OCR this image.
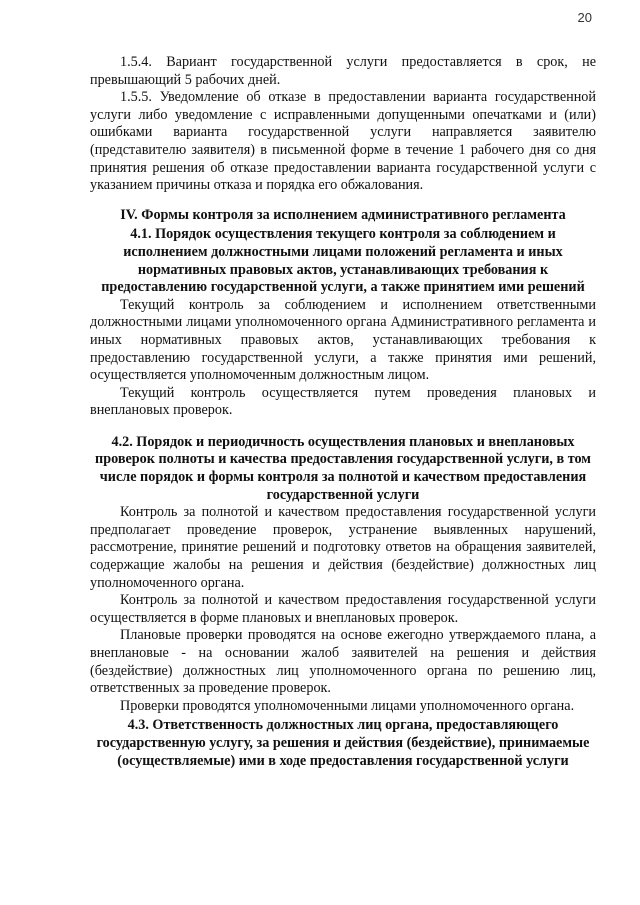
20

1.5.4. Вариант государственной услуги предоставляется в срок, не превышающий 5 рабочих дней.

1.5.5. Уведомление об отказе в предоставлении варианта государственной услуги либо уведомление с исправленными допущенными опечатками и (или) ошибками варианта государственной услуги направляется заявителю (представителю заявителя) в письменной форме в течение 1 рабочего дня со дня принятия решения об отказе предоставлении варианта государственной услуги с указанием причины отказа и порядка его обжалования.

IV. Формы контроля за исполнением административного регламента
4.1. Порядок осуществления текущего контроля за соблюдением и исполнением должностными лицами положений регламента и иных нормативных правовых актов, устанавливающих требования к предоставлению государственной услуги, а также принятием ими решений

Текущий контроль за соблюдением и исполнением ответственными должностными лицами уполномоченного органа Административного регламента и иных нормативных правовых актов, устанавливающих требования к предоставлению государственной услуги, а также принятия ими решений, осуществляется уполномоченным должностным лицом.

Текущий контроль осуществляется путем проведения плановых и внеплановых проверок.

4.2. Порядок и периодичность осуществления плановых и внеплановых проверок полноты и качества предоставления государственной услуги, в том числе порядок и формы контроля за полнотой и качеством предоставления государственной услуги

Контроль за полнотой и качеством предоставления государственной услуги предполагает проведение проверок, устранение выявленных нарушений, рассмотрение, принятие решений и подготовку ответов на обращения заявителей, содержащие жалобы на решения и действия (бездействие) должностных лиц уполномоченного органа.

Контроль за полнотой и качеством предоставления государственной услуги осуществляется в форме плановых и внеплановых проверок.

Плановые проверки проводятся на основе ежегодно утверждаемого плана, а внеплановые - на основании жалоб заявителей на решения и действия (бездействие) должностных лиц уполномоченного органа по решению лиц, ответственных за проведение проверок.

Проверки проводятся уполномоченными лицами уполномоченного органа.

4.3. Ответственность должностных лиц органа, предоставляющего государственную услугу, за решения и действия (бездействие), принимаемые (осуществляемые) ими в ходе предоставления государственной услуги
